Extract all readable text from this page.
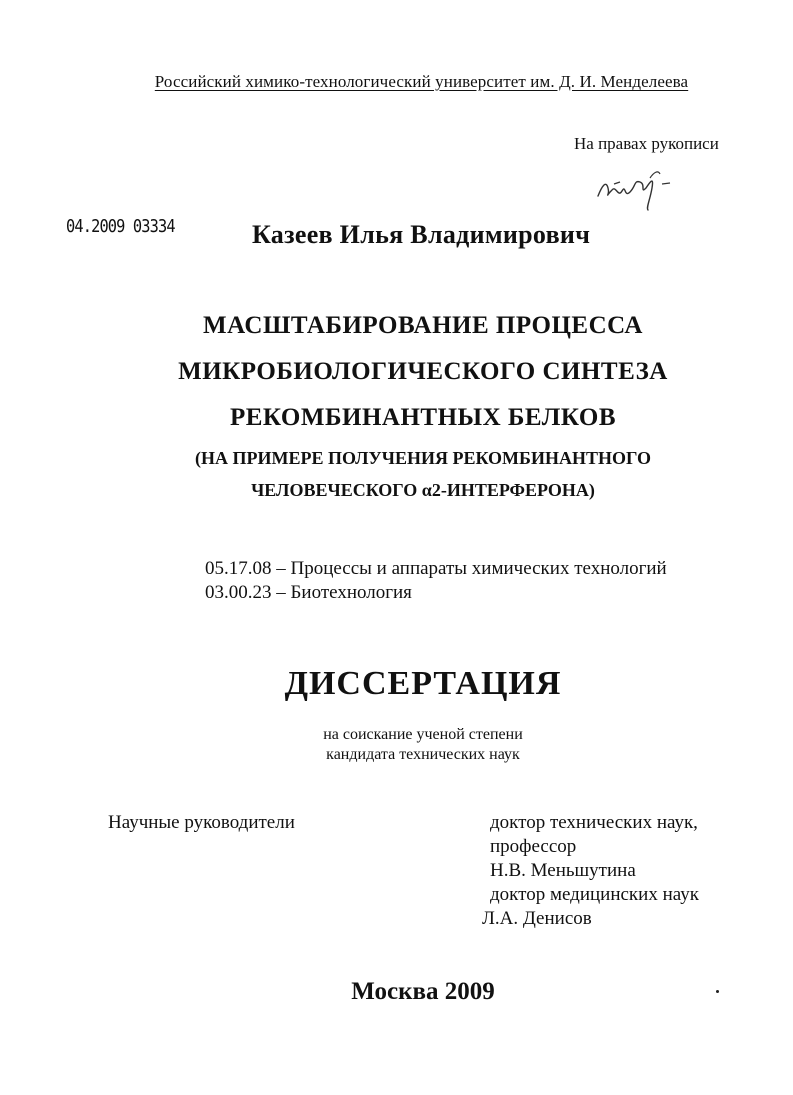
Российский химико-технологический университет им. Д. И. Менделеева
На правах рукописи
04.2009 03334	Казеев Илья Владимирович
МАСШТАБИРОВАНИЕ ПРОЦЕССА
МИКРОБИОЛОГИЧЕСКОГО СИНТЕЗА
РЕКОМБИНАНТНЫХ БЕЛКОВ
(НА ПРИМЕРЕ ПОЛУЧЕНИЯ РЕКОМБИНАНТНОГО
ЧЕЛОВЕЧЕСКОГО α2-ИНТЕРФЕРОНА)
05.17.08 – Процессы и аппараты химических технологий
03.00.23 – Биотехнология
ДИССЕРТАЦИЯ
на соискание ученой степени
кандидата технических наук
Научные руководители	доктор технических наук,
профессор
Н.В. Меньшутина
доктор медицинских наук
Л.А. Денисов
Москва 2009
